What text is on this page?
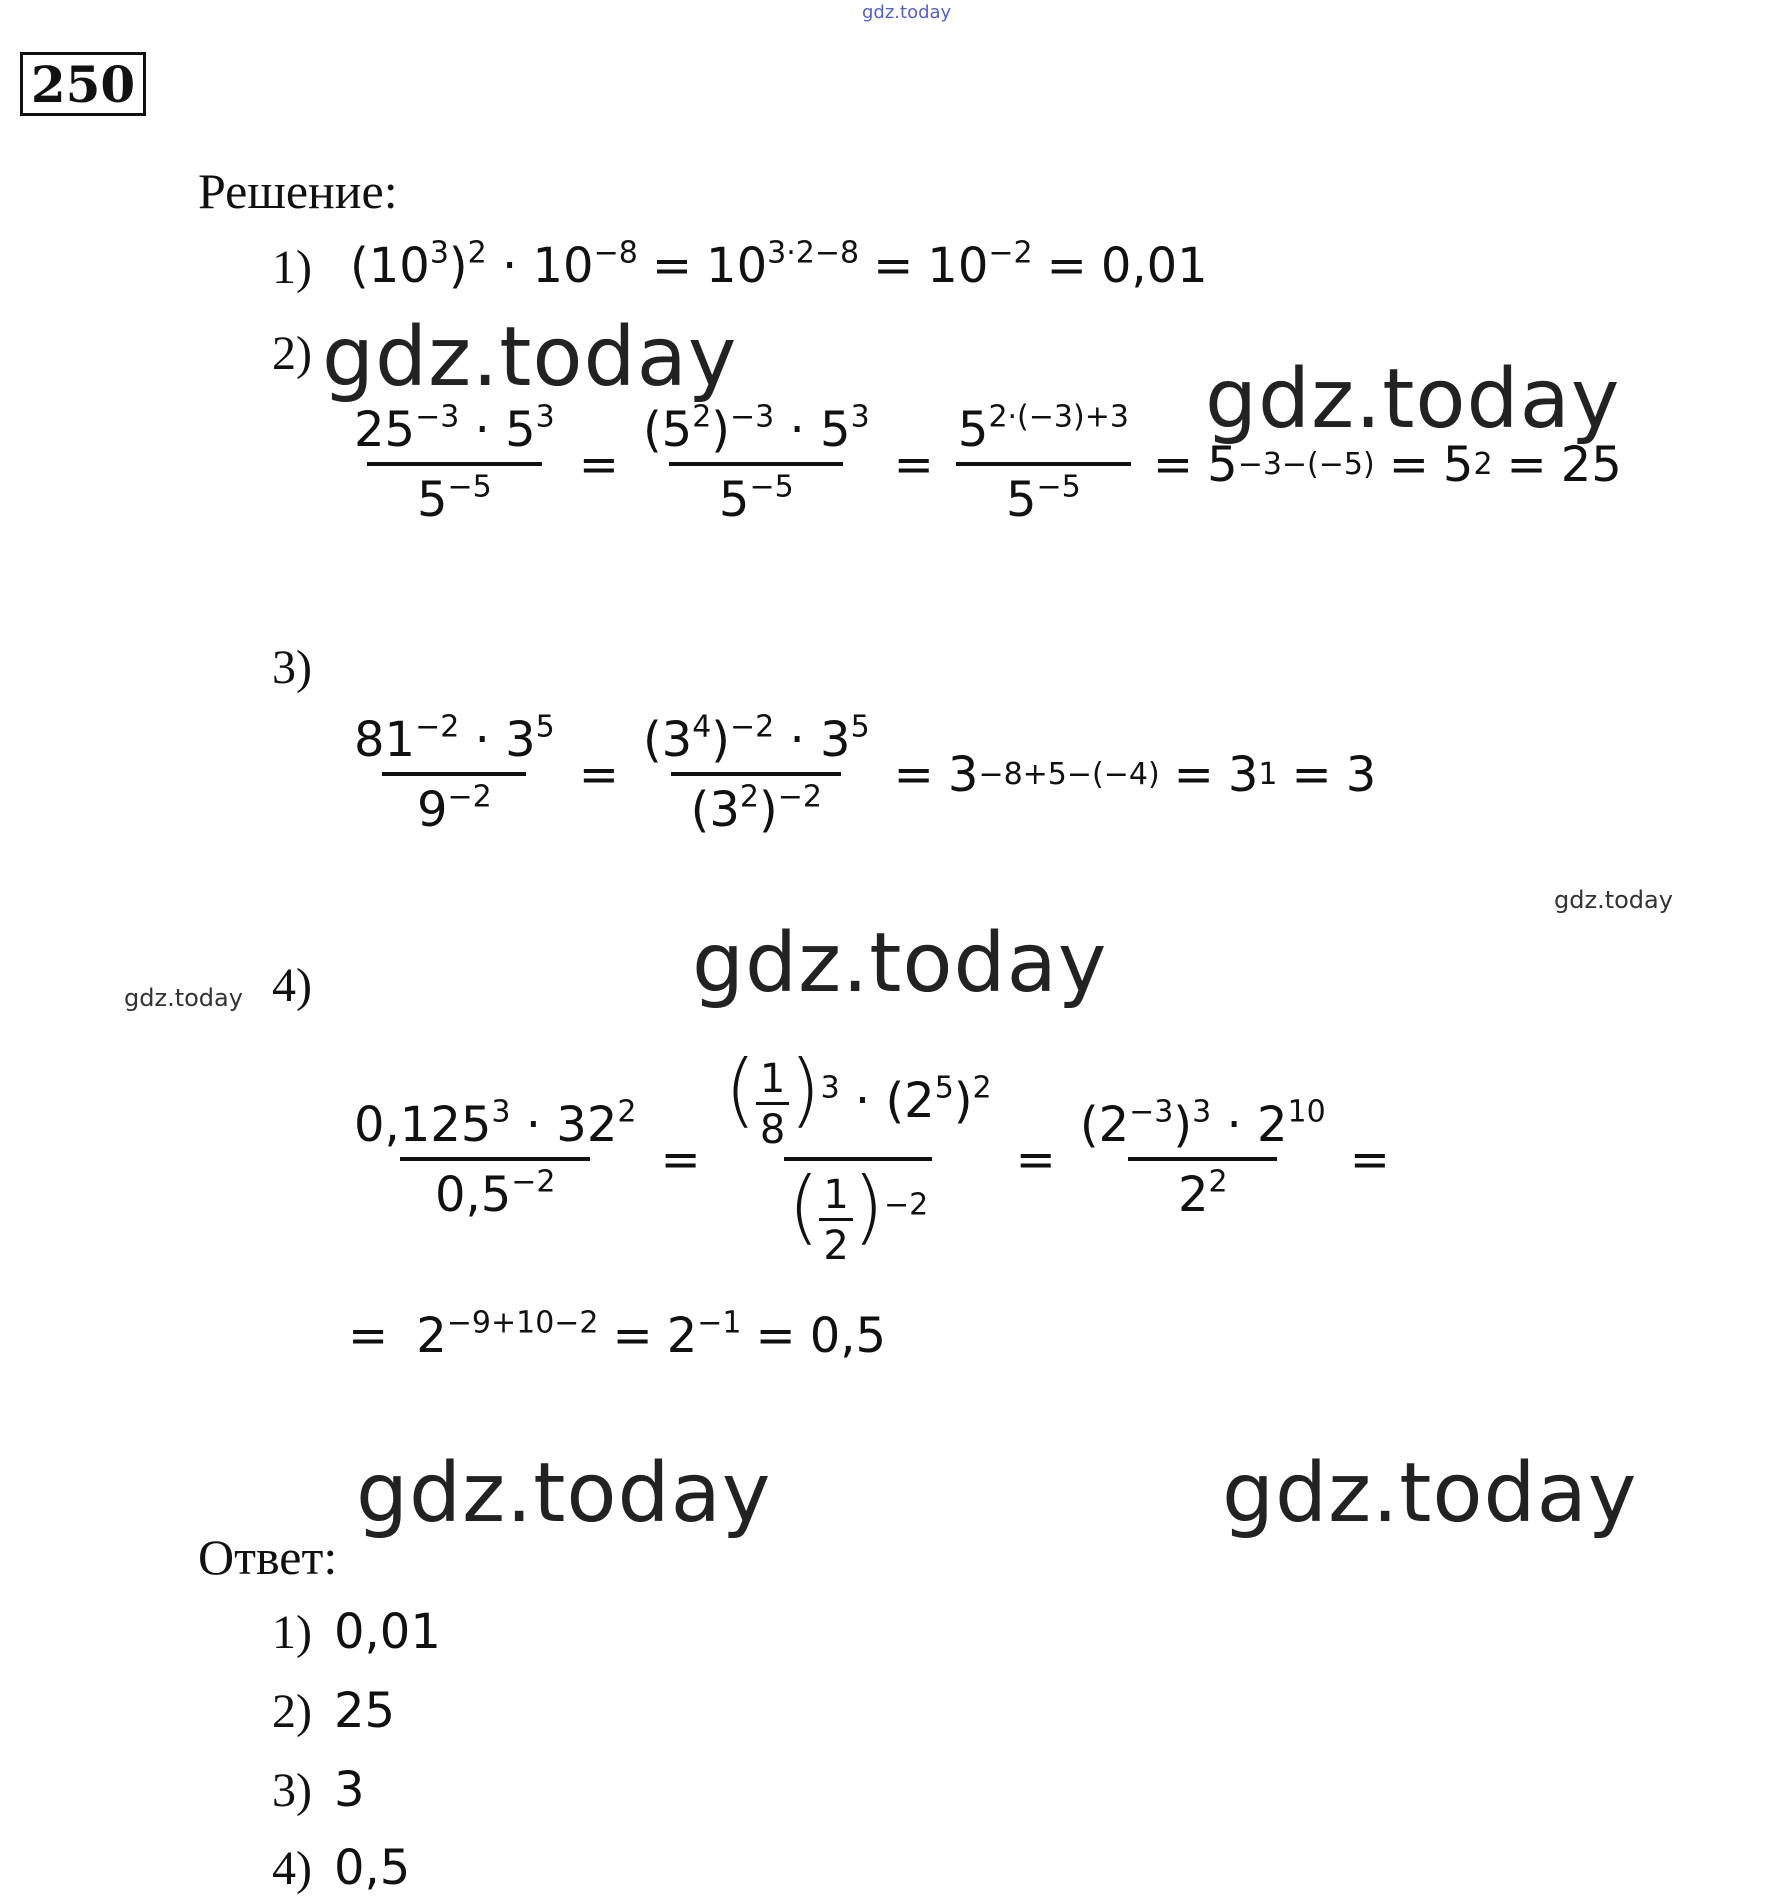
gdz.today
250
Решение:
1) $(10^3)^2 \cdot 10^{-8} = 10^{3\cdot 2-8} = 10^{-2} = 0,01$
2)
$\frac{25^{-3} \cdot 5^3}{5^{-5}} = \frac{(5^2)^{-3} \cdot 5^3}{5^{-5}} = \frac{5^{2\cdot(-3)+3}}{5^{-5}} = 5 -3-(-5) = 5$ 2 = 25
3)
$\frac{81^{-2} \cdot 3^5}{9^{-2}} = \frac{(3^4)^{-2} \cdot 3^5}{(3^2)^{-2}} = 3 -8+5-(-4) = 3$ 1 = 3
4)
$\frac{0,125^3 \cdot 32^2}{0,5^{-2}} = \frac{( \frac{1}{8} )^3 \cdot (2^5)^2}{( \frac{1}{2} )^{-2}} = \frac{(2^{-3})^3 \cdot 2^{10}}{2^2}$ =
= $2^{-9+10-2} = 2^{-1} = 0,5$
Ответ:
1) 0,01
2) 25
3) 3
4) 0,5
gdz.today	gdz.today
gdz.today
gdz.today
gdz.today
gdz.today	gdz.today
